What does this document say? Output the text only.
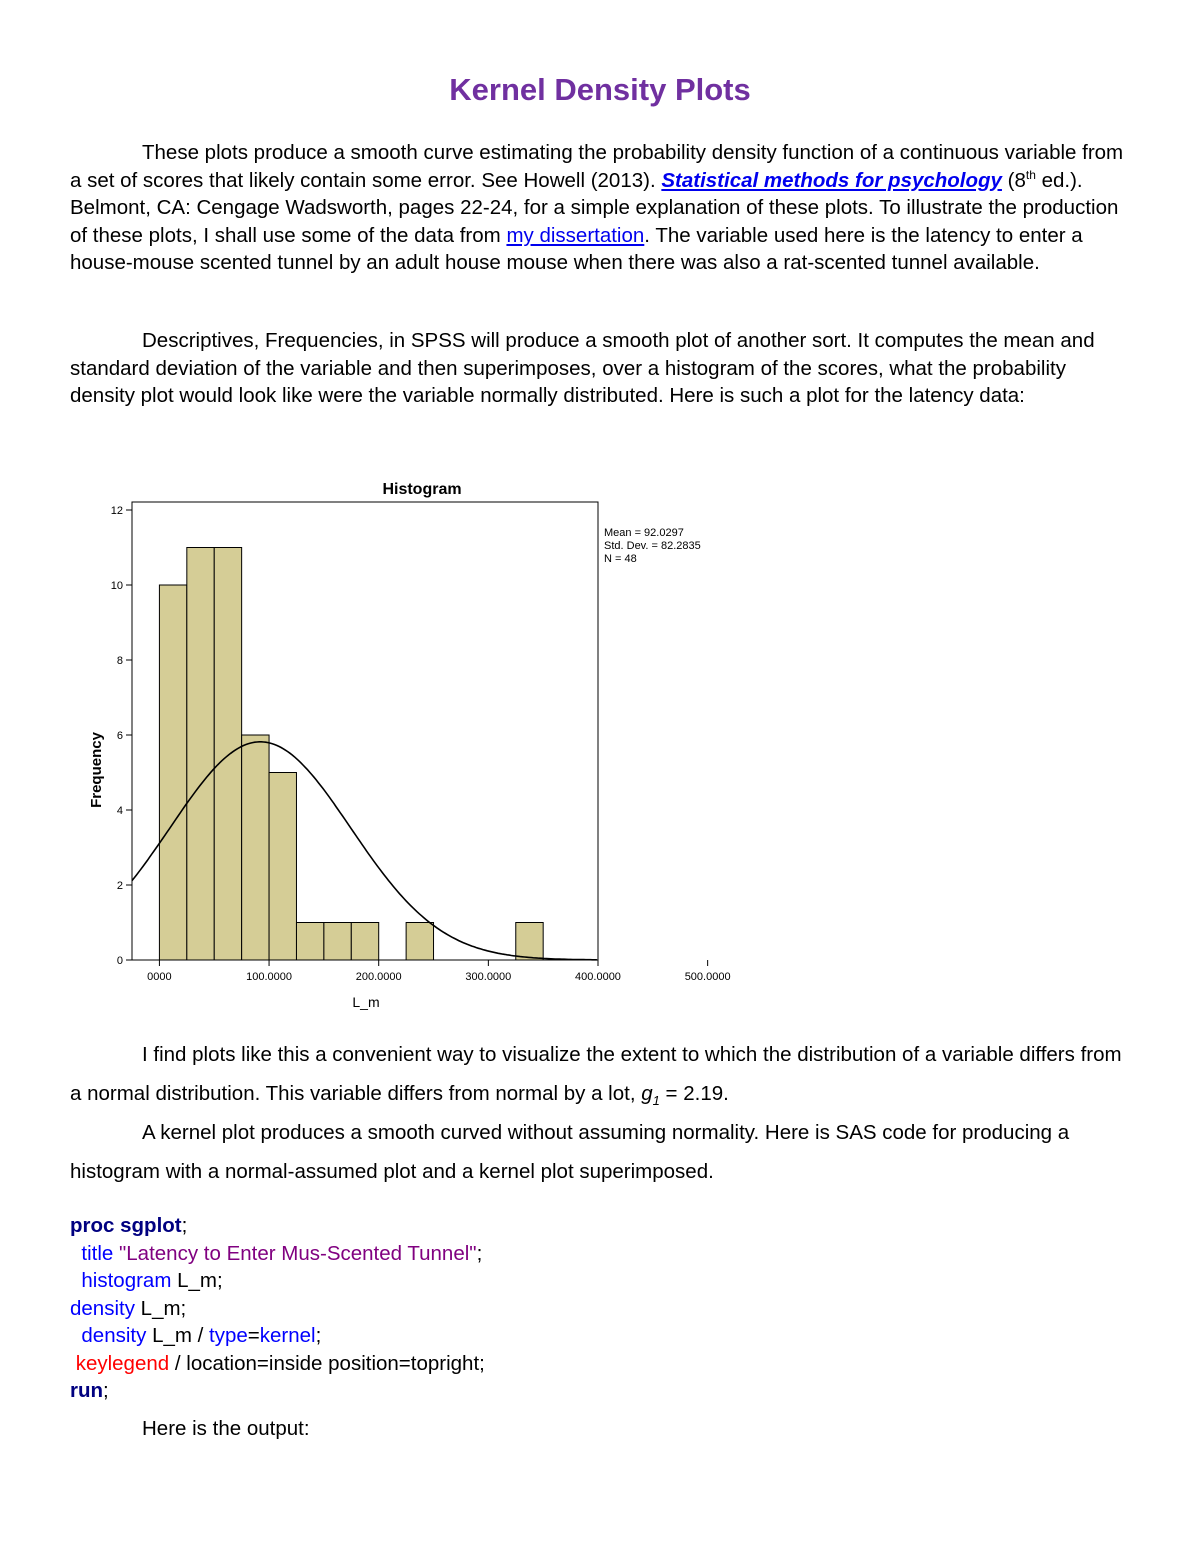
Kernel Density Plots

These plots produce a smooth curve estimating the probability density function of a continuous variable from a set of scores that likely contain some error. See Howell (2013). Statistical methods for psychology (8th ed.). Belmont, CA: Cengage Wadsworth, pages 22-24, for a simple explanation of these plots. To illustrate the production of these plots, I shall use some of the data from my dissertation. The variable used here is the latency to enter a house-mouse scented tunnel by an adult house mouse when there was also a rat-scented tunnel available.

Descriptives, Frequencies, in SPSS will produce a smooth plot of another sort. It computes the mean and standard deviation of the variable and then superimposes, over a histogram of the scores, what the probability density plot would look like were the variable normally distributed. Here is such a plot for the latency data:

Histogram
Frequency
L_m
0
2
4
6
8
10
12
0000	100.0000	200.0000	300.0000	400.0000	500.0000
Mean = 92.0297
Std. Dev. = 82.2835
N = 48

I find plots like this a convenient way to visualize the extent to which the distribution of a variable differs from a normal distribution. This variable differs from normal by a lot, $g_1 = 2.19$.

A kernel plot produces a smooth curved without assuming normality. Here is SAS code for producing a histogram with a normal-assumed plot and a kernel plot superimposed.

proc sgplot;
title "Latency to Enter Mus-Scented Tunnel";
histogram L_m;
density L_m;
density L_m / type=kernel;
keylegend / location=inside position=topright;
run;

Here is the output:
